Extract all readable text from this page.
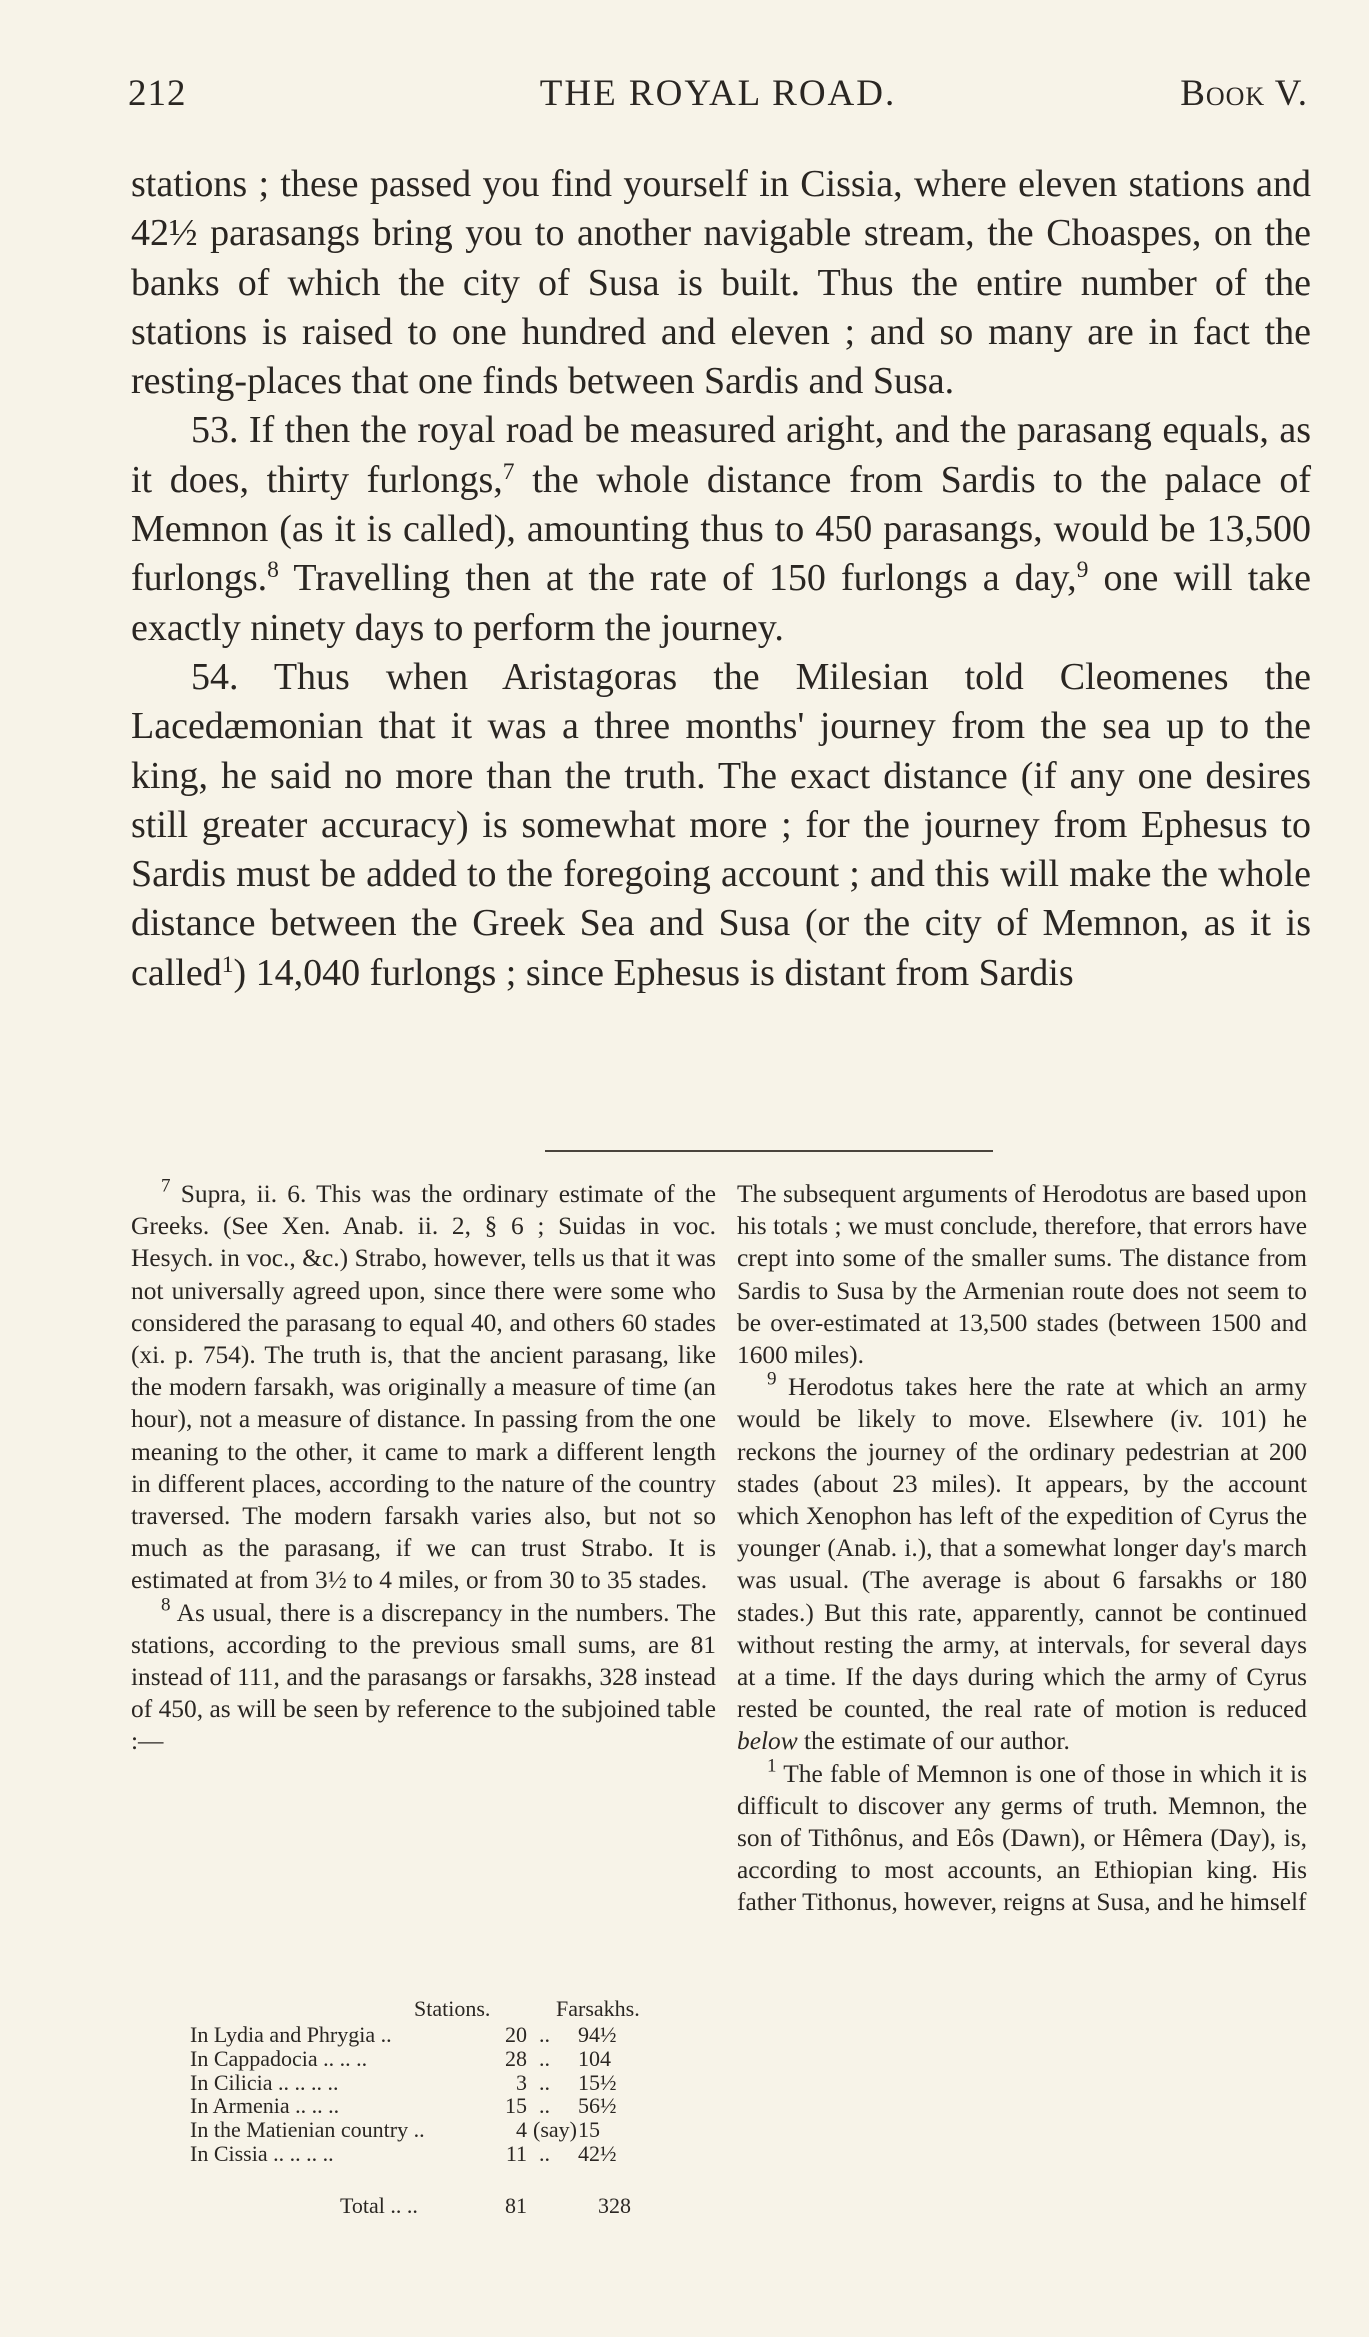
212	THE ROYAL ROAD.	Book V.

stations ; these passed you find yourself in Cissia, where eleven stations and 42½ parasangs bring you to another navigable stream, the Choaspes, on the banks of which the city of Susa is built. Thus the entire number of the stations is raised to one hundred and eleven ; and so many are in fact the resting-places that one finds between Sardis and Susa.

53. If then the royal road be measured aright, and the parasang equals, as it does, thirty furlongs,$^7$ the whole distance from Sardis to the palace of Memnon (as it is called), amounting thus to 450 parasangs, would be 13,500 furlongs.$^8$ Travelling then at the rate of 150 furlongs a day,$^9$ one will take exactly ninety days to perform the journey.

54. Thus when Aristagoras the Milesian told Cleomenes the Lacedæmonian that it was a three months' journey from the sea up to the king, he said no more than the truth. The exact distance (if any one desires still greater accuracy) is somewhat more ; for the journey from Ephesus to Sardis must be added to the foregoing account ; and this will make the whole distance between the Greek Sea and Susa (or the city of Memnon, as it is called$^1$) 14,040 furlongs ; since Ephesus is distant from Sardis

$^7$ Supra, ii. 6. This was the ordinary estimate of the Greeks. (See Xen. Anab. ii. 2, § 6 ; Suidas in voc. Hesych. in voc., &c.) Strabo, however, tells us that it was not universally agreed upon, since there were some who considered the parasang to equal 40, and others 60 stades (xi. p. 754). The truth is, that the ancient parasang, like the modern farsakh, was originally a measure of time (an hour), not a measure of distance. In passing from the one meaning to the other, it came to mark a different length in different places, according to the nature of the country traversed. The modern farsakh varies also, but not so much as the parasang, if we can trust Strabo. It is estimated at from 3½ to 4 miles, or from 30 to 35 stades.

$^8$ As usual, there is a discrepancy in the numbers. The stations, according to the previous small sums, are 81 instead of 111, and the parasangs or farsakhs, 328 instead of 450, as will be seen by reference to the subjoined table :—

Stations.	Farsakhs.
In Lydia and Phrygia ..	20 .. 94½
In Cappadocia .. .. ..	28 .. 104
In Cilicia .. .. .. ..	3 .. 15½
In Armenia .. .. ..	15 .. 56½
In the Matienian country ..	4 (say) 15
In Cissia .. .. .. ..	11 .. 42½
Total .. ..	81	328

The subsequent arguments of Herodotus are based upon his totals ; we must conclude, therefore, that errors have crept into some of the smaller sums. The distance from Sardis to Susa by the Armenian route does not seem to be over-estimated at 13,500 stades (between 1500 and 1600 miles).

$^9$ Herodotus takes here the rate at which an army would be likely to move. Elsewhere (iv. 101) he reckons the journey of the ordinary pedestrian at 200 stades (about 23 miles). It appears, by the account which Xenophon has left of the expedition of Cyrus the younger (Anab. i.), that a somewhat longer day's march was usual. (The average is about 6 farsakhs or 180 stades.) But this rate, apparently, cannot be continued without resting the army, at intervals, for several days at a time. If the days during which the army of Cyrus rested be counted, the real rate of motion is reduced below the estimate of our author.

$^1$ The fable of Memnon is one of those in which it is difficult to discover any germs of truth. Memnon, the son of Tithônus, and Eôs (Dawn), or Hêmera (Day), is, according to most accounts, an Ethiopian king. His father Tithonus, however, reigns at Susa, and he himself
